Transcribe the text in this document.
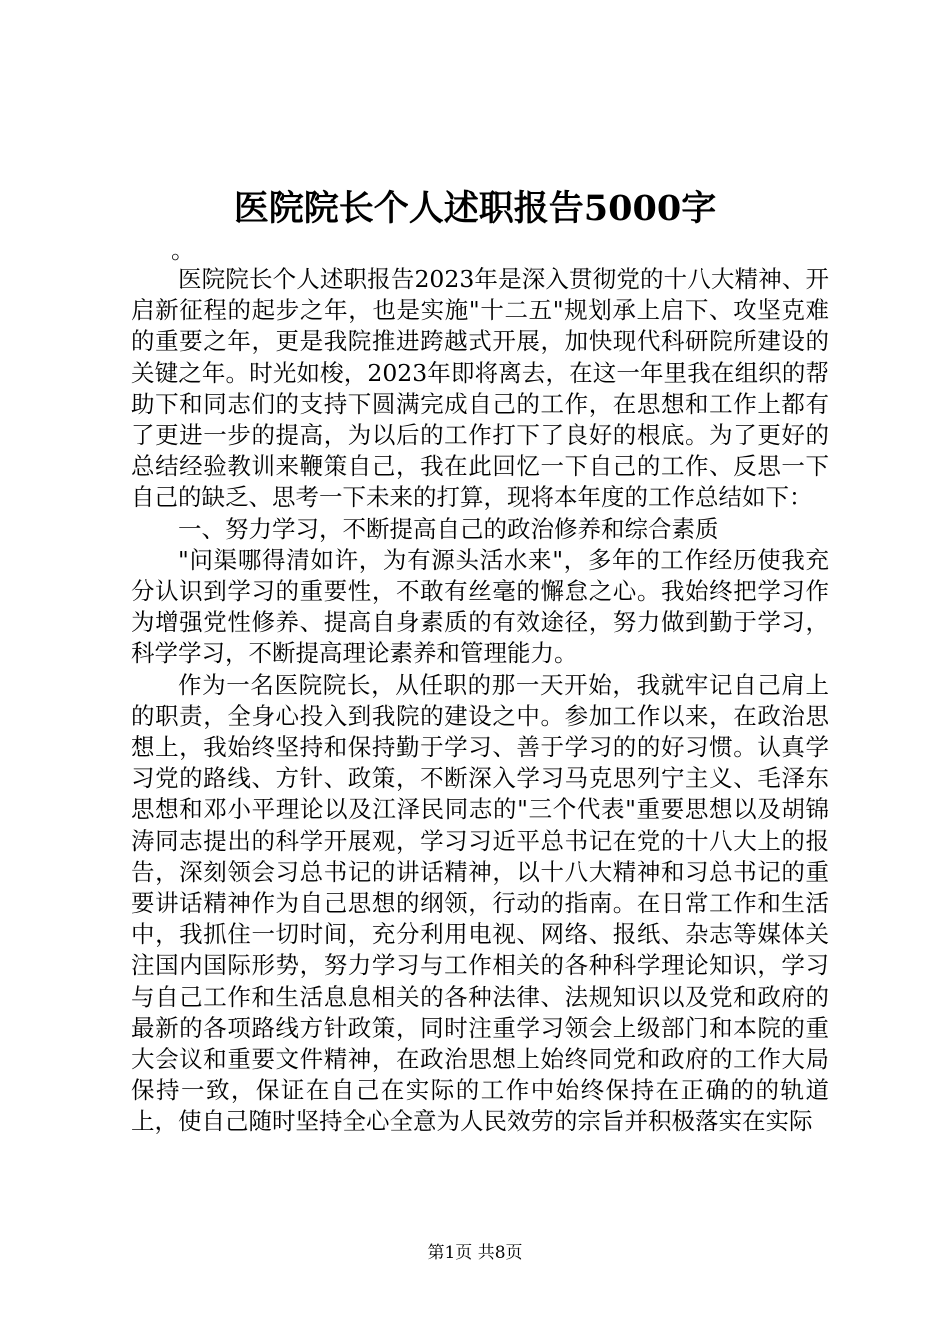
医院院长个人述职报告5000字

。

医院院长个人述职报告2023年是深入贯彻党的十八大精神、开启新征程的起步之年，也是实施"十二五"规划承上启下、攻坚克难的重要之年，更是我院推进跨越式开展，加快现代科研院所建设的关键之年。时光如梭，2023年即将离去，在这一年里我在组织的帮助下和同志们的支持下圆满完成自己的工作，在思想和工作上都有了更进一步的提高，为以后的工作打下了良好的根底。为了更好的总结经验教训来鞭策自己，我在此回忆一下自己的工作、反思一下自己的缺乏、思考一下未来的打算，现将本年度的工作总结如下：

一、努力学习，不断提高自己的政治修养和综合素质

"问渠哪得清如许，为有源头活水来"，多年的工作经历使我充分认识到学习的重要性，不敢有丝毫的懈怠之心。我始终把学习作为增强党性修养、提高自身素质的有效途径，努力做到勤于学习，科学学习，不断提高理论素养和管理能力。

作为一名医院院长，从任职的那一天开始，我就牢记自己肩上的职责，全身心投入到我院的建设之中。参加工作以来，在政治思想上，我始终坚持和保持勤于学习、善于学习的的好习惯。认真学习党的路线、方针、政策，不断深入学习马克思列宁主义、毛泽东思想和邓小平理论以及江泽民同志的"三个代表"重要思想以及胡锦涛同志提出的科学开展观，学习习近平总书记在党的十八大上的报告，深刻领会习总书记的讲话精神，以十八大精神和习总书记的重要讲话精神作为自己思想的纲领，行动的指南。在日常工作和生活中，我抓住一切时间，充分利用电视、网络、报纸、杂志等媒体关注国内国际形势，努力学习与工作相关的各种科学理论知识，学习与自己工作和生活息息相关的各种法律、法规知识以及党和政府的最新的各项路线方针政策，同时注重学习领会上级部门和本院的重大会议和重要文件精神，在政治思想上始终同党和政府的工作大局保持一致，保证在自己在实际的工作中始终保持在正确的的轨道上，使自己随时坚持全心全意为人民效劳的宗旨并积极落实在实际

第1页 共8页
